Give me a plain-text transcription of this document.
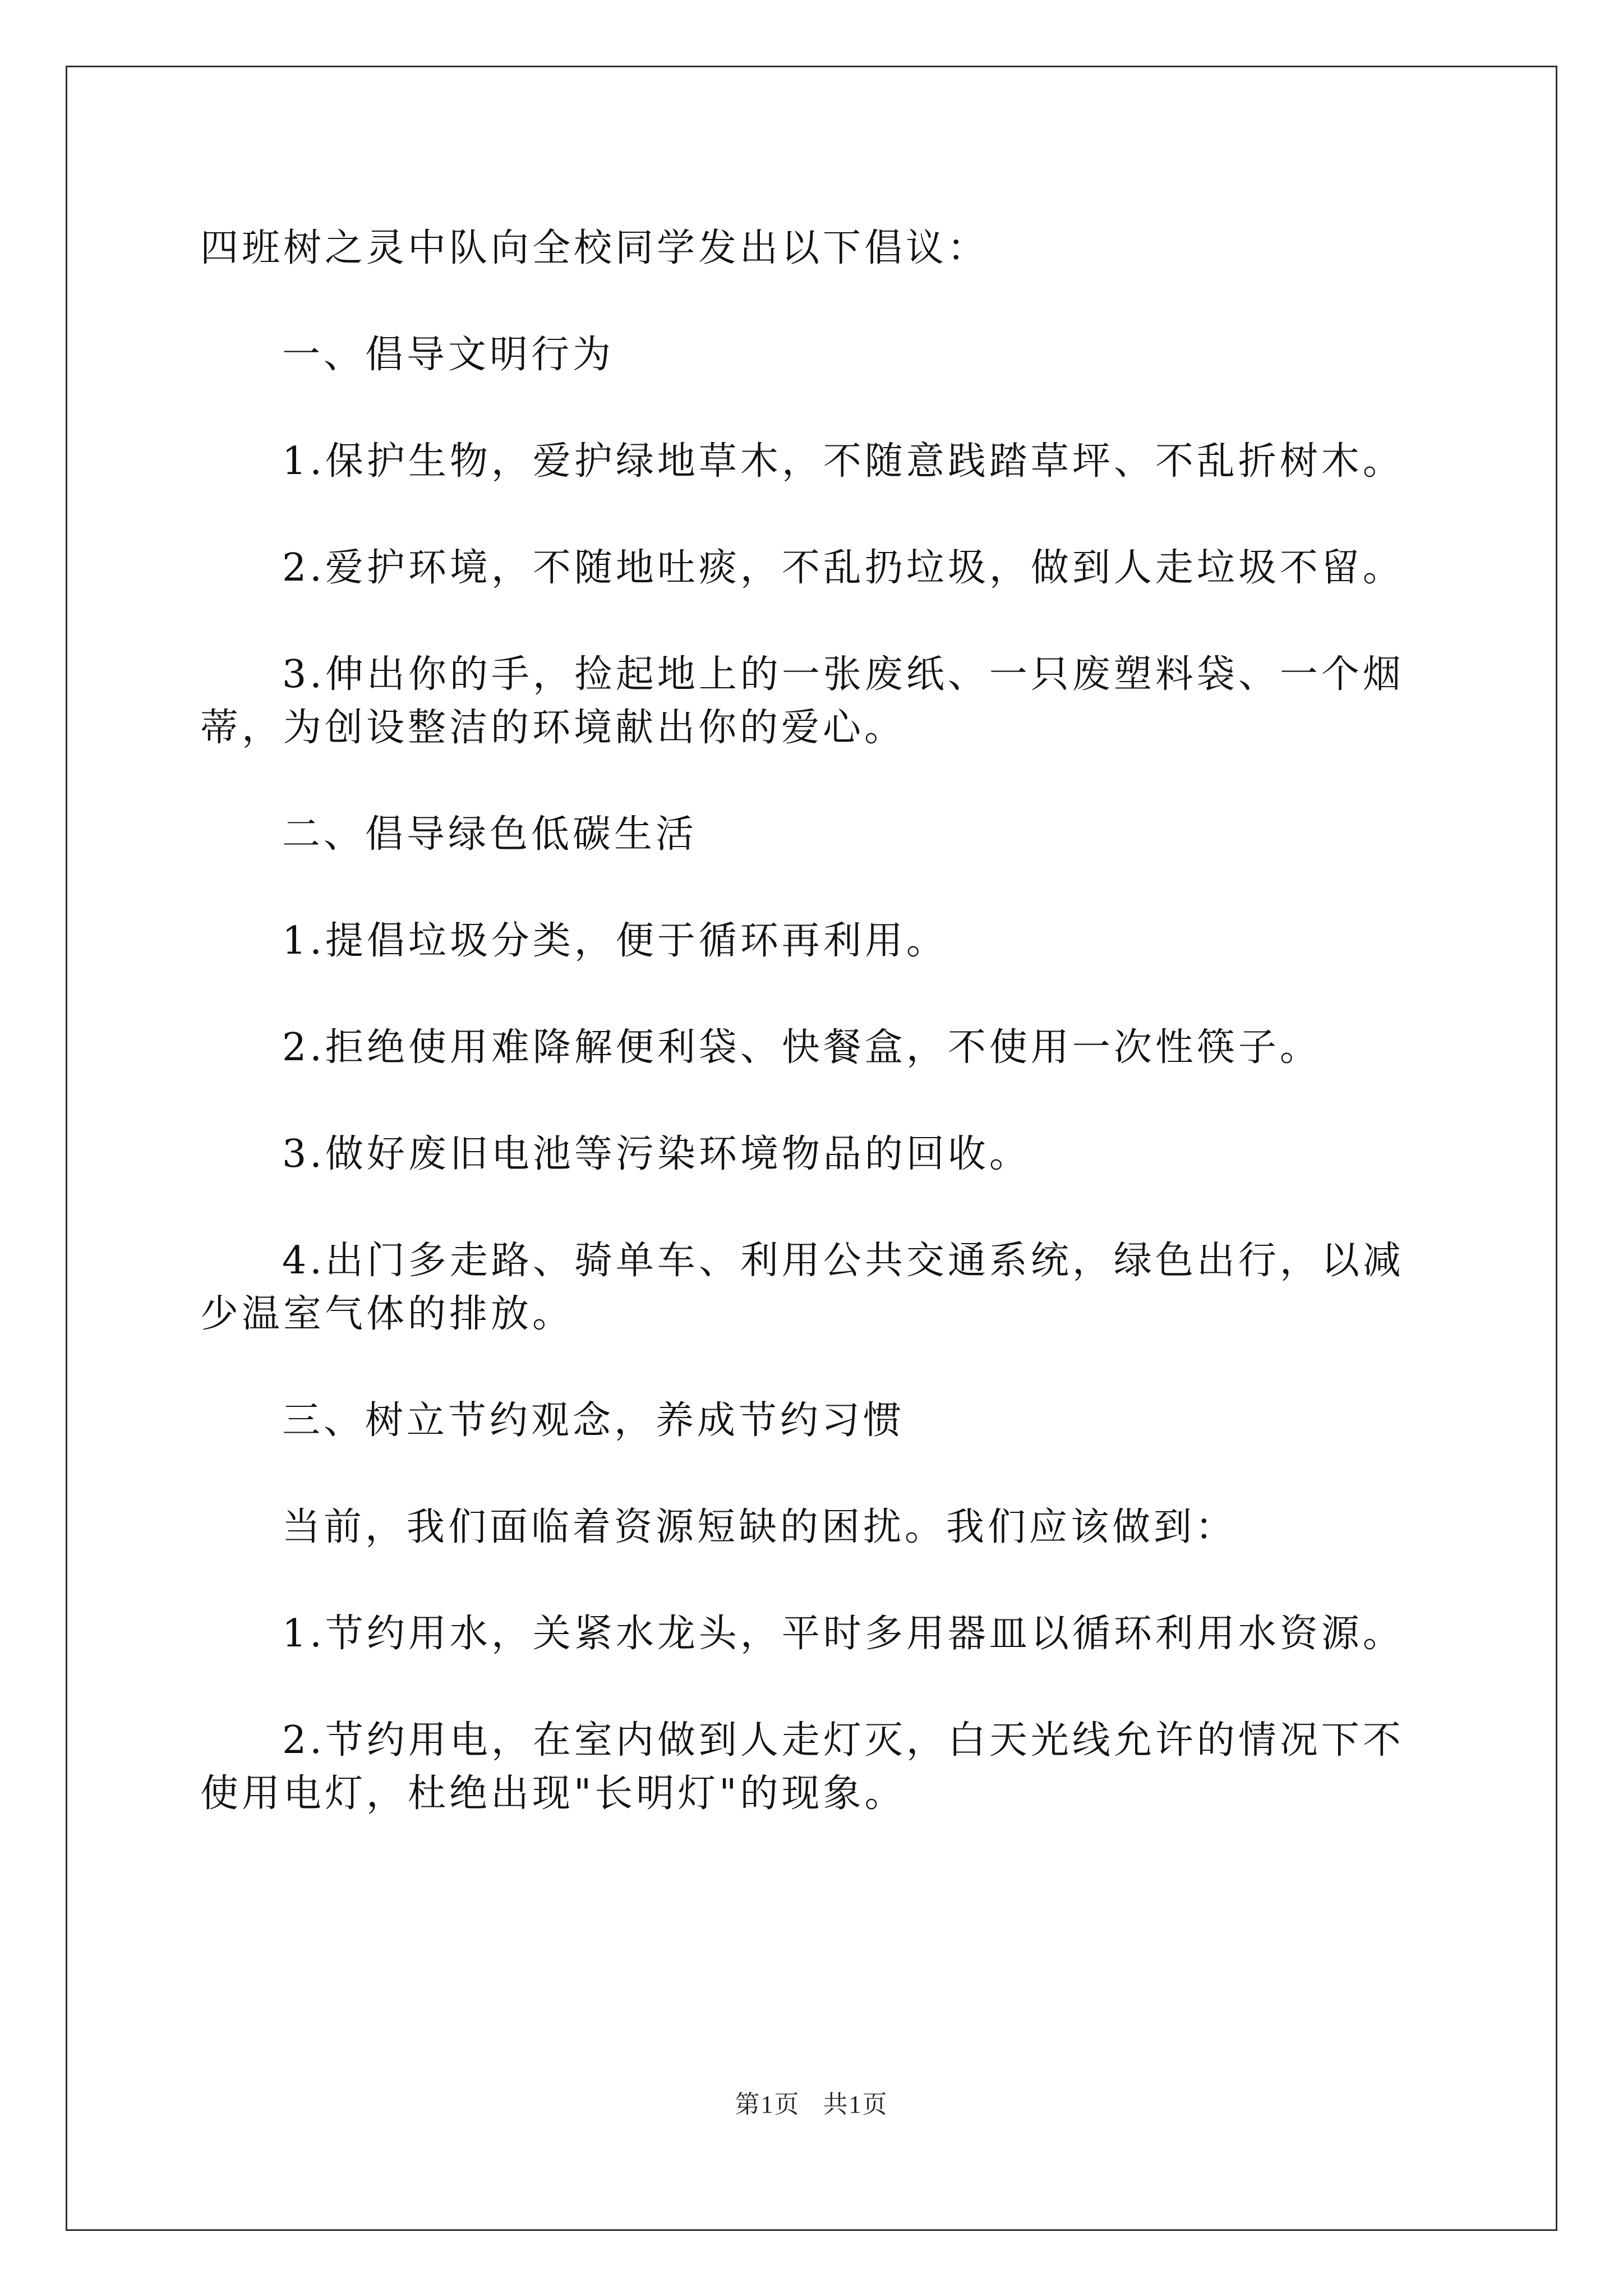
四班树之灵中队向全校同学发出以下倡议：

一、倡导文明行为

1.保护生物，爱护绿地草木，不随意践踏草坪、不乱折树木。

2.爱护环境，不随地吐痰，不乱扔垃圾，做到人走垃圾不留。

3.伸出你的手，捡起地上的一张废纸、一只废塑料袋、一个烟蒂，为创设整洁的环境献出你的爱心。

二、倡导绿色低碳生活

1.提倡垃圾分类，便于循环再利用。

2.拒绝使用难降解便利袋、快餐盒，不使用一次性筷子。

3.做好废旧电池等污染环境物品的回收。

4.出门多走路、骑单车、利用公共交通系统，绿色出行，以减少温室气体的排放。

三、树立节约观念，养成节约习惯

当前，我们面临着资源短缺的困扰。我们应该做到：

1.节约用水，关紧水龙头，平时多用器皿以循环利用水资源。

2.节约用电，在室内做到人走灯灭，白天光线允许的情况下不使用电灯，杜绝出现"长明灯"的现象。

第1页 共1页
